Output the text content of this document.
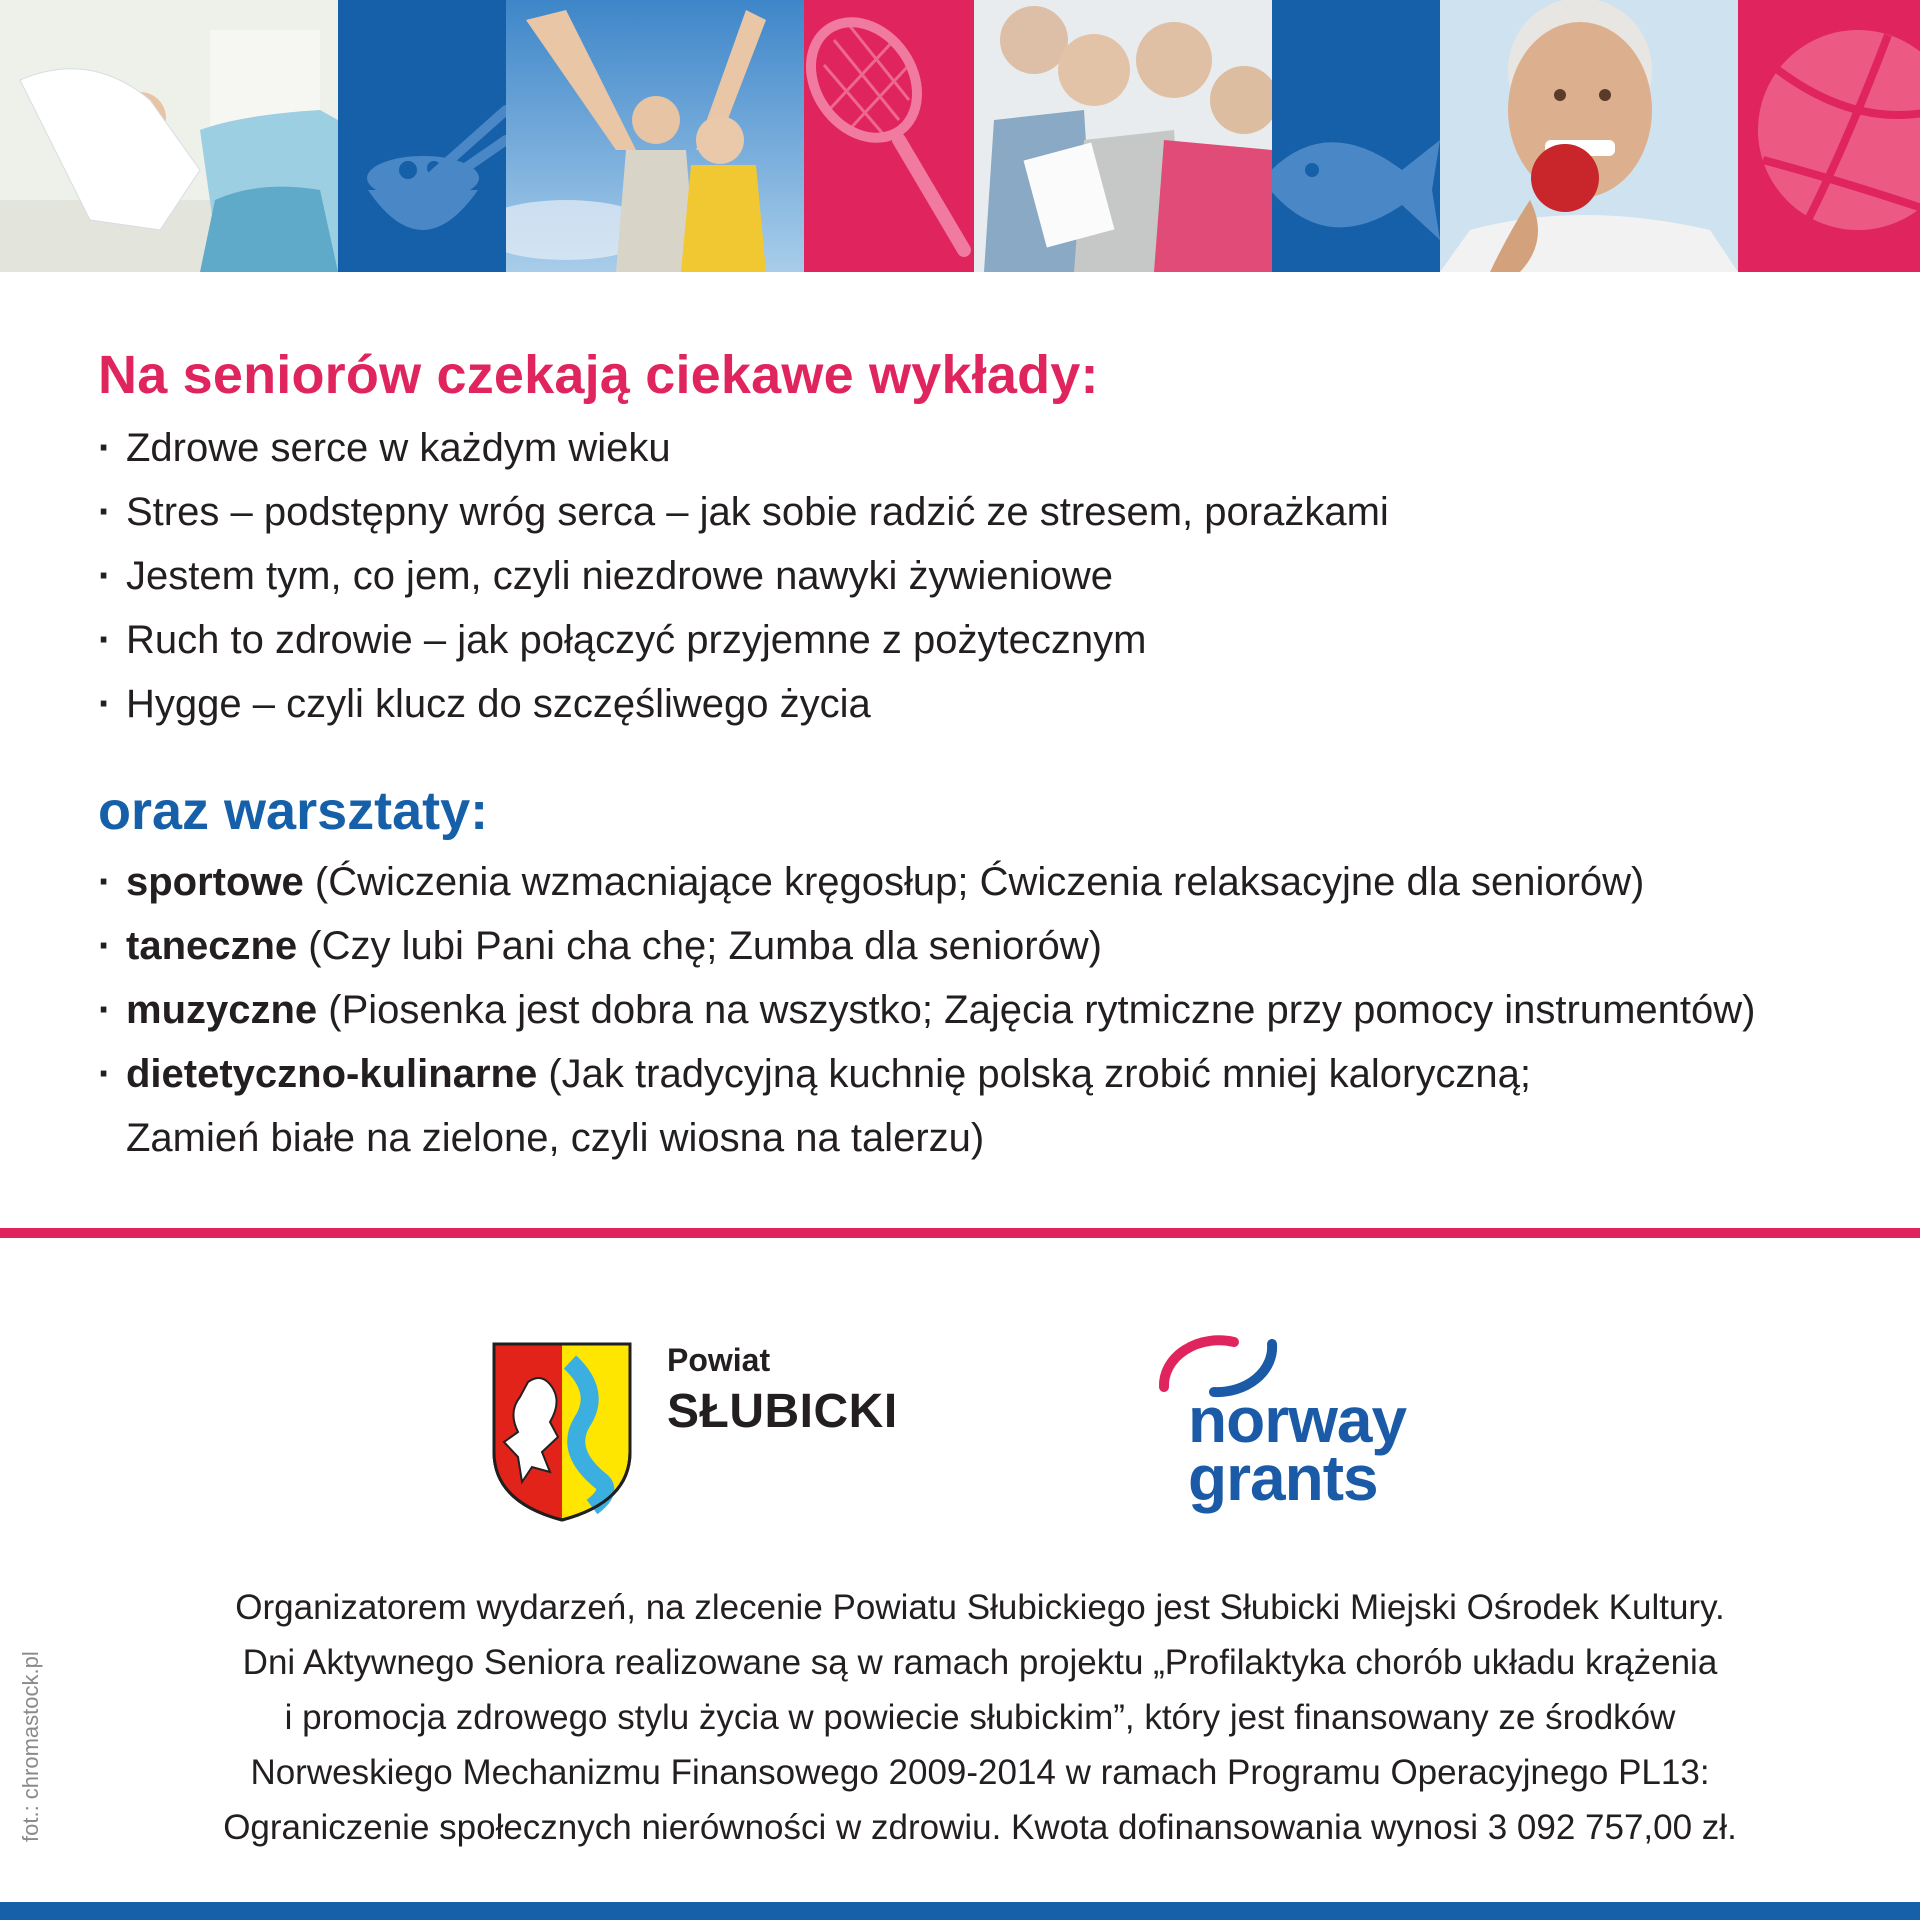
Na seniorów czekają ciekawe wykłady:
· Zdrowe serce w każdym wieku
· Stres – podstępny wróg serca – jak sobie radzić ze stresem, porażkami
· Jestem tym, co jem, czyli niezdrowe nawyki żywieniowe
· Ruch to zdrowie – jak połączyć przyjemne z pożytecznym
· Hygge – czyli klucz do szczęśliwego życia
oraz warsztaty:
· sportowe (Ćwiczenia wzmacniające kręgosłup; Ćwiczenia relaksacyjne dla seniorów)
· taneczne (Czy lubi Pani cha chę; Zumba dla seniorów)
· muzyczne (Piosenka jest dobra na wszystko; Zajęcia rytmiczne przy pomocy instrumentów)
· dietetyczno-kulinarne (Jak tradycyjną kuchnię polską zrobić mniej kaloryczną;
Zamień białe na zielone, czyli wiosna na talerzu)
Powiat
SŁUBICKI	norway
grants
Organizatorem wydarzeń, na zlecenie Powiatu Słubickiego jest Słubicki Miejski Ośrodek Kultury.
Dni Aktywnego Seniora realizowane są w ramach projektu „Profilaktyka chorób układu krążenia
i promocja zdrowego stylu życia w powiecie słubickim”, który jest finansowany ze środków
Norweskiego Mechanizmu Finansowego 2009-2014 w ramach Programu Operacyjnego PL13:
Ograniczenie społecznych nierówności w zdrowiu. Kwota dofinansowania wynosi 3 092 757,00 zł.
fot.: chromastock.pl
